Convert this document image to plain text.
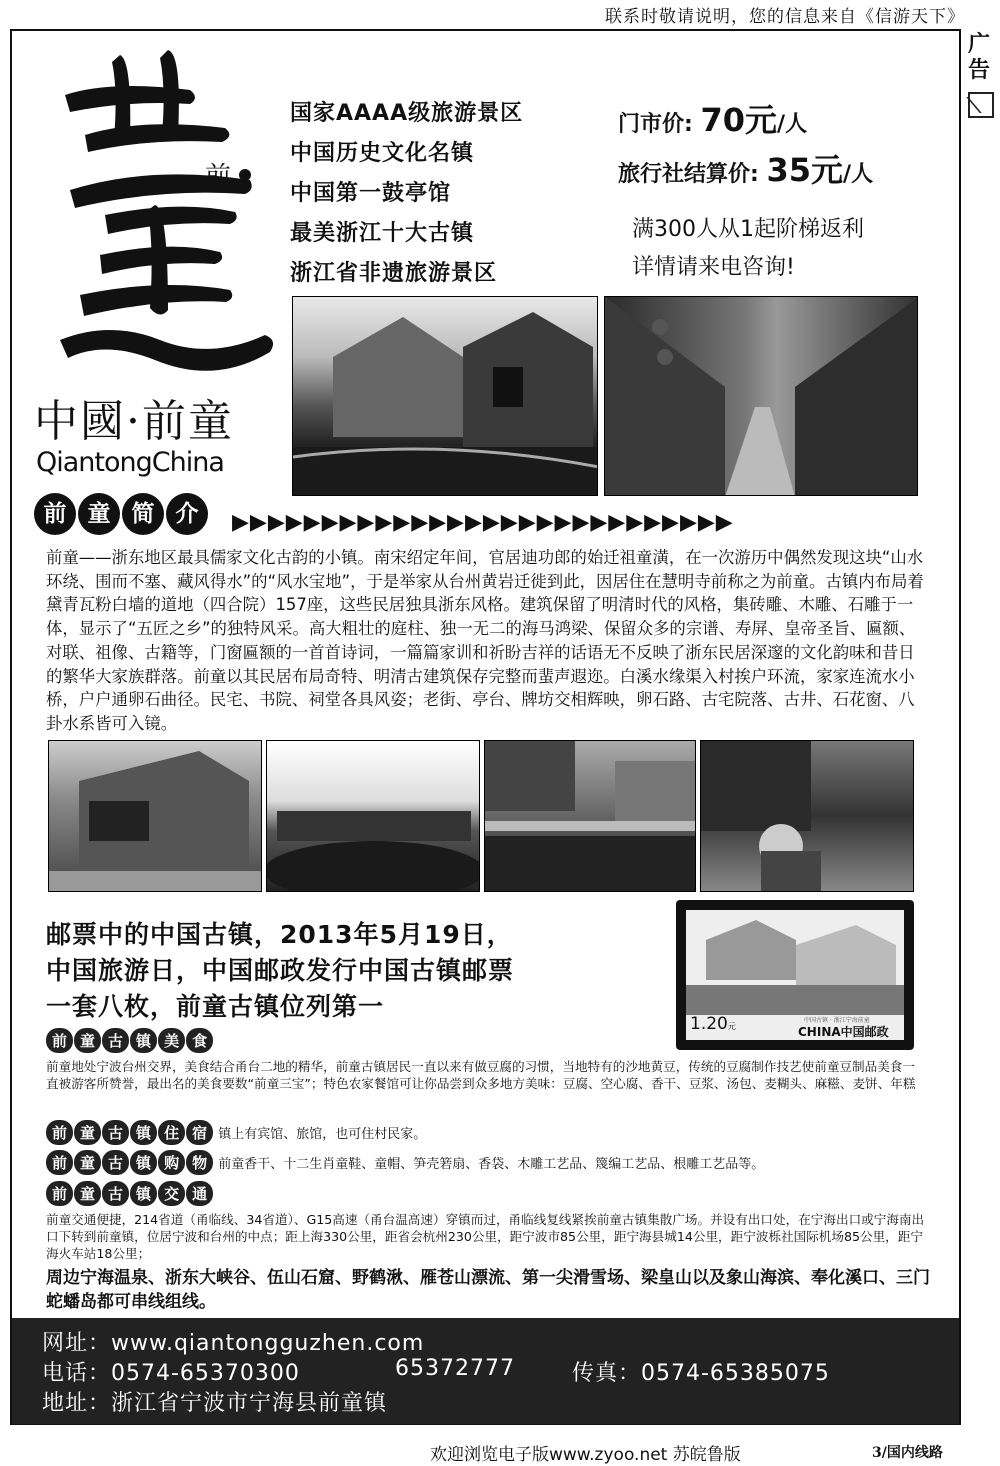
联系时敬请说明，您的信息来自《信游天下》
广告
前
中國·前童
QiantongChina
国家AAAA级旅游景区
中国历史文化名镇
中国第一鼓亭馆
最美浙江十大古镇
浙江省非遗旅游景区
门市价: 70元/人
旅行社结算价: 35元/人
满300人从1起阶梯返利
详情请来电咨询!
前 童 简 介	▶▶▶▶▶▶▶▶▶▶▶▶▶▶▶▶▶▶▶▶▶▶▶▶▶▶▶▶
前童——浙东地区最具儒家文化古韵的小镇。南宋绍定年间，官居迪功郎的始迁祖童潢，在一次游历中偶然发现这块“山水环绕、围而不塞、藏风得水”的“风水宝地”，于是举家从台州黄岩迁徙到此，因居住在慧明寺前称之为前童。古镇内布局着黛青瓦粉白墙的道地（四合院）157座，这些民居独具浙东风格。建筑保留了明清时代的风格，集砖雕、木雕、石雕于一体，显示了“五匠之乡”的独特风采。高大粗壮的庭柱、独一无二的海马鸿梁、保留众多的宗谱、寿屏、皇帝圣旨、匾额、对联、祖像、古籍等，门窗匾额的一首首诗词，一篇篇家训和祈盼吉祥的话语无不反映了浙东民居深邃的文化韵味和昔日的繁华大家族群落。前童以其民居布局奇特、明清古建筑保存完整而蜚声遐迩。白溪水缘渠入村挨户环流，家家连流水小桥，户户通卵石曲径。民宅、书院、祠堂各具风姿；老街、亭台、牌坊交相辉映，卵石路、古宅院落、古井、石花窗、八卦水系皆可入镜。
邮票中的中国古镇，2013年5月19日，
中国旅游日，中国邮政发行中国古镇邮票
一套八枚，前童古镇位列第一
1.20元
中国古镇 · 浙江宁海前童
CHINA中国邮政
前 童 古 镇 美 食
前童地处宁波台州交界，美食结合甬台二地的精华，前童古镇居民一直以来有做豆腐的习惯，当地特有的沙地黄豆，传统的豆腐制作技艺使前童豆制品美食一直被游客所赞誉，最出名的美食要数“前童三宝”；特色农家餐馆可让你品尝到众多地方美味：豆腐、空心腐、香干、豆浆、汤包、麦糊头、麻糍、麦饼、年糕
前 童 古 镇 住 宿 镇上有宾馆、旅馆，也可住村民家。
前 童 古 镇 购 物 前童香干、十二生肖童鞋、童帽、笋壳箬扇、香袋、木雕工艺品、篾编工艺品、根雕工艺品等。
前 童 古 镇 交 通
前童交通便捷，214省道（甬临线、34省道）、G15高速（甬台温高速）穿镇而过，甬临线复线紧挨前童古镇集散广场。并设有出口处，在宁海出口或宁海南出口下转到前童镇，位居宁波和台州的中点；距上海330公里，距省会杭州230公里，距宁波市85公里，距宁海县城14公里，距宁波栎社国际机场85公里，距宁海火车站18公里；
周边宁海温泉、浙东大峡谷、伍山石窟、野鹤湫、雁苍山漂流、第一尖滑雪场、梁皇山以及象山海滨、奉化溪口、三门蛇蟠岛都可串线组线。
网址：www.qiantongguzhen.com
电话：0574-65370300	65372777	传真：0574-65385075
地址：浙江省宁波市宁海县前童镇
欢迎浏览电子版www.zyoo.net 苏皖鲁版	3/国内线路
